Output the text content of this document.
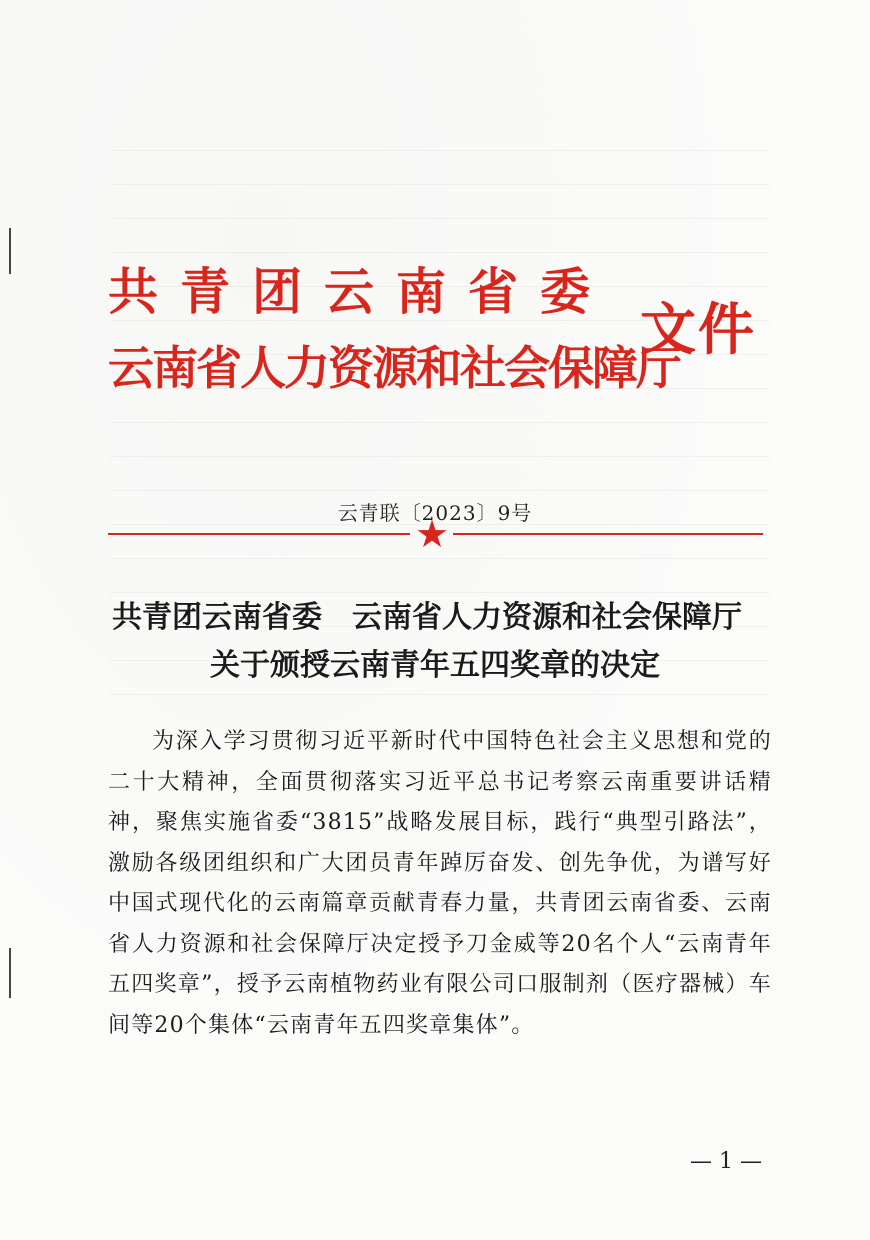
共青团云南省委
云南省人力资源和社会保障厅
文件
云青联〔2023〕9号
★
共青团云南省委　云南省人力资源和社会保障厅
关于颁授云南青年五四奖章的决定
为深入学习贯彻习近平新时代中国特色社会主义思想和党的二十大精神，全面贯彻落实习近平总书记考察云南重要讲话精神，聚焦实施省委“3815”战略发展目标，践行“典型引路法”，激励各级团组织和广大团员青年踔厉奋发、创先争优，为谱写好中国式现代化的云南篇章贡献青春力量，共青团云南省委、云南省人力资源和社会保障厅决定授予刀金威等20名个人“云南青年五四奖章”，授予云南植物药业有限公司口服制剂（医疗器械）车间等20个集体“云南青年五四奖章集体”。
— 1 —
